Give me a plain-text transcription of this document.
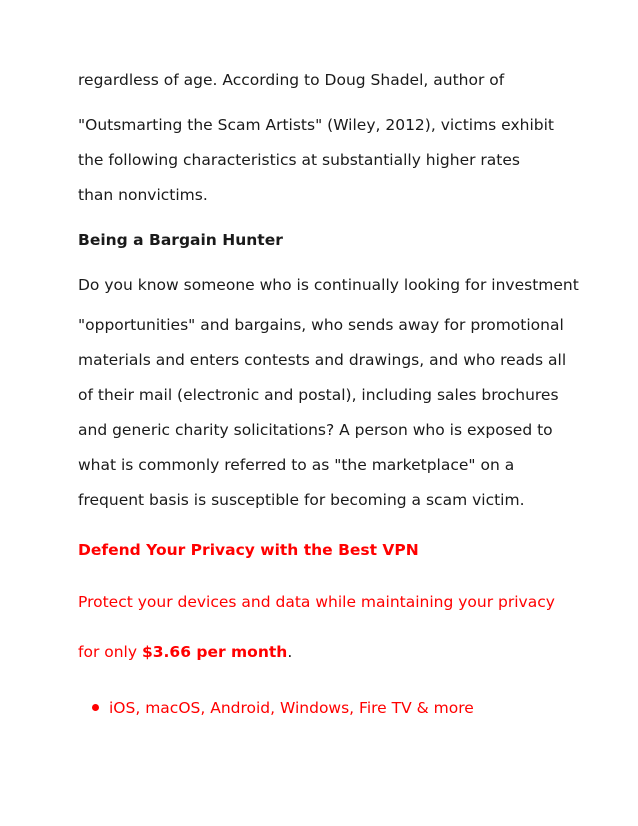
regardless of age. According to Doug Shadel, author of
"Outsmarting the Scam Artists" (Wiley, 2012), victims exhibit
the following characteristics at substantially higher rates
than nonvictims.
Being a Bargain Hunter
Do you know someone who is continually looking for investment
"opportunities" and bargains, who sends away for promotional
materials and enters contests and drawings, and who reads all
of their mail (electronic and postal), including sales brochures
and generic charity solicitations? A person who is exposed to
what is commonly referred to as "the marketplace" on a
frequent basis is susceptible for becoming a scam victim.
Defend Your Privacy with the Best VPN
Protect your devices and data while maintaining your privacy
for only $3.66 per month.
iOS, macOS, Android, Windows, Fire TV & more
